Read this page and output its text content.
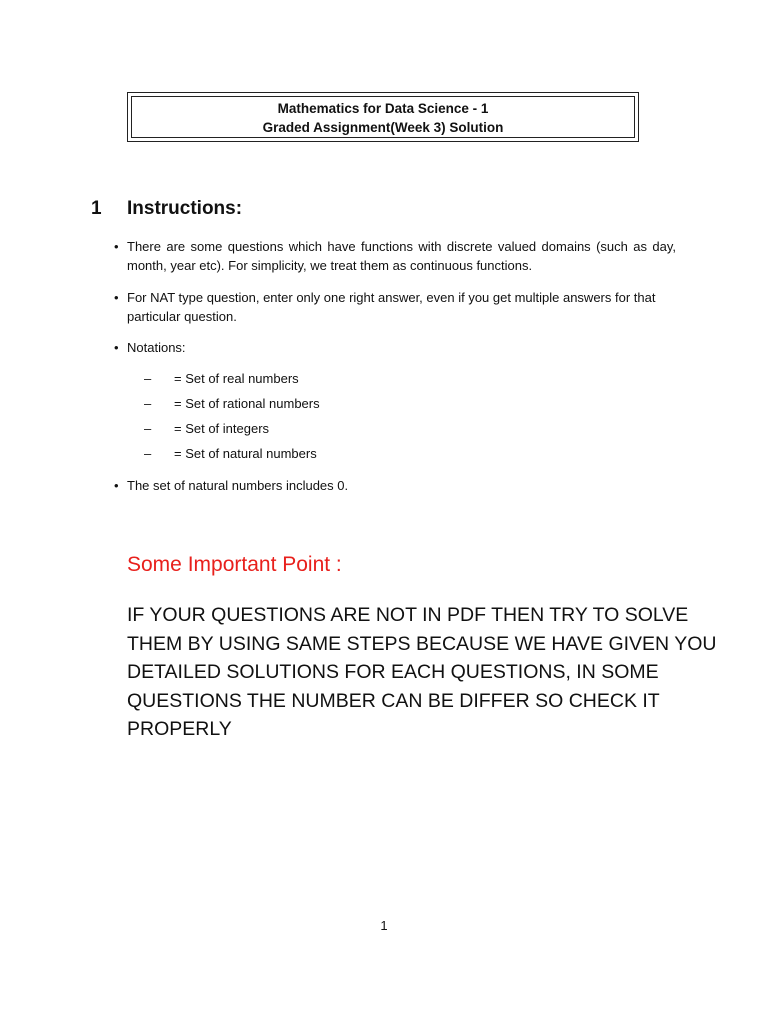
Mathematics for Data Science - 1
Graded Assignment(Week 3) Solution
1 Instructions:
• There are some questions which have functions with discrete valued domains (such as day, month, year etc). For simplicity, we treat them as continuous functions.
• For NAT type question, enter only one right answer, even if you get multiple answers for that particular question.
• Notations:
– = Set of real numbers
– = Set of rational numbers
– = Set of integers
– = Set of natural numbers
• The set of natural numbers includes 0.
Some Important Point :
IF YOUR QUESTIONS ARE NOT IN PDF THEN TRY TO SOLVE THEM BY USING SAME STEPS BECAUSE WE HAVE GIVEN YOU DETAILED SOLUTIONS FOR EACH QUESTIONS, IN SOME QUESTIONS THE NUMBER CAN BE DIFFER SO CHECK IT PROPERLY
1
